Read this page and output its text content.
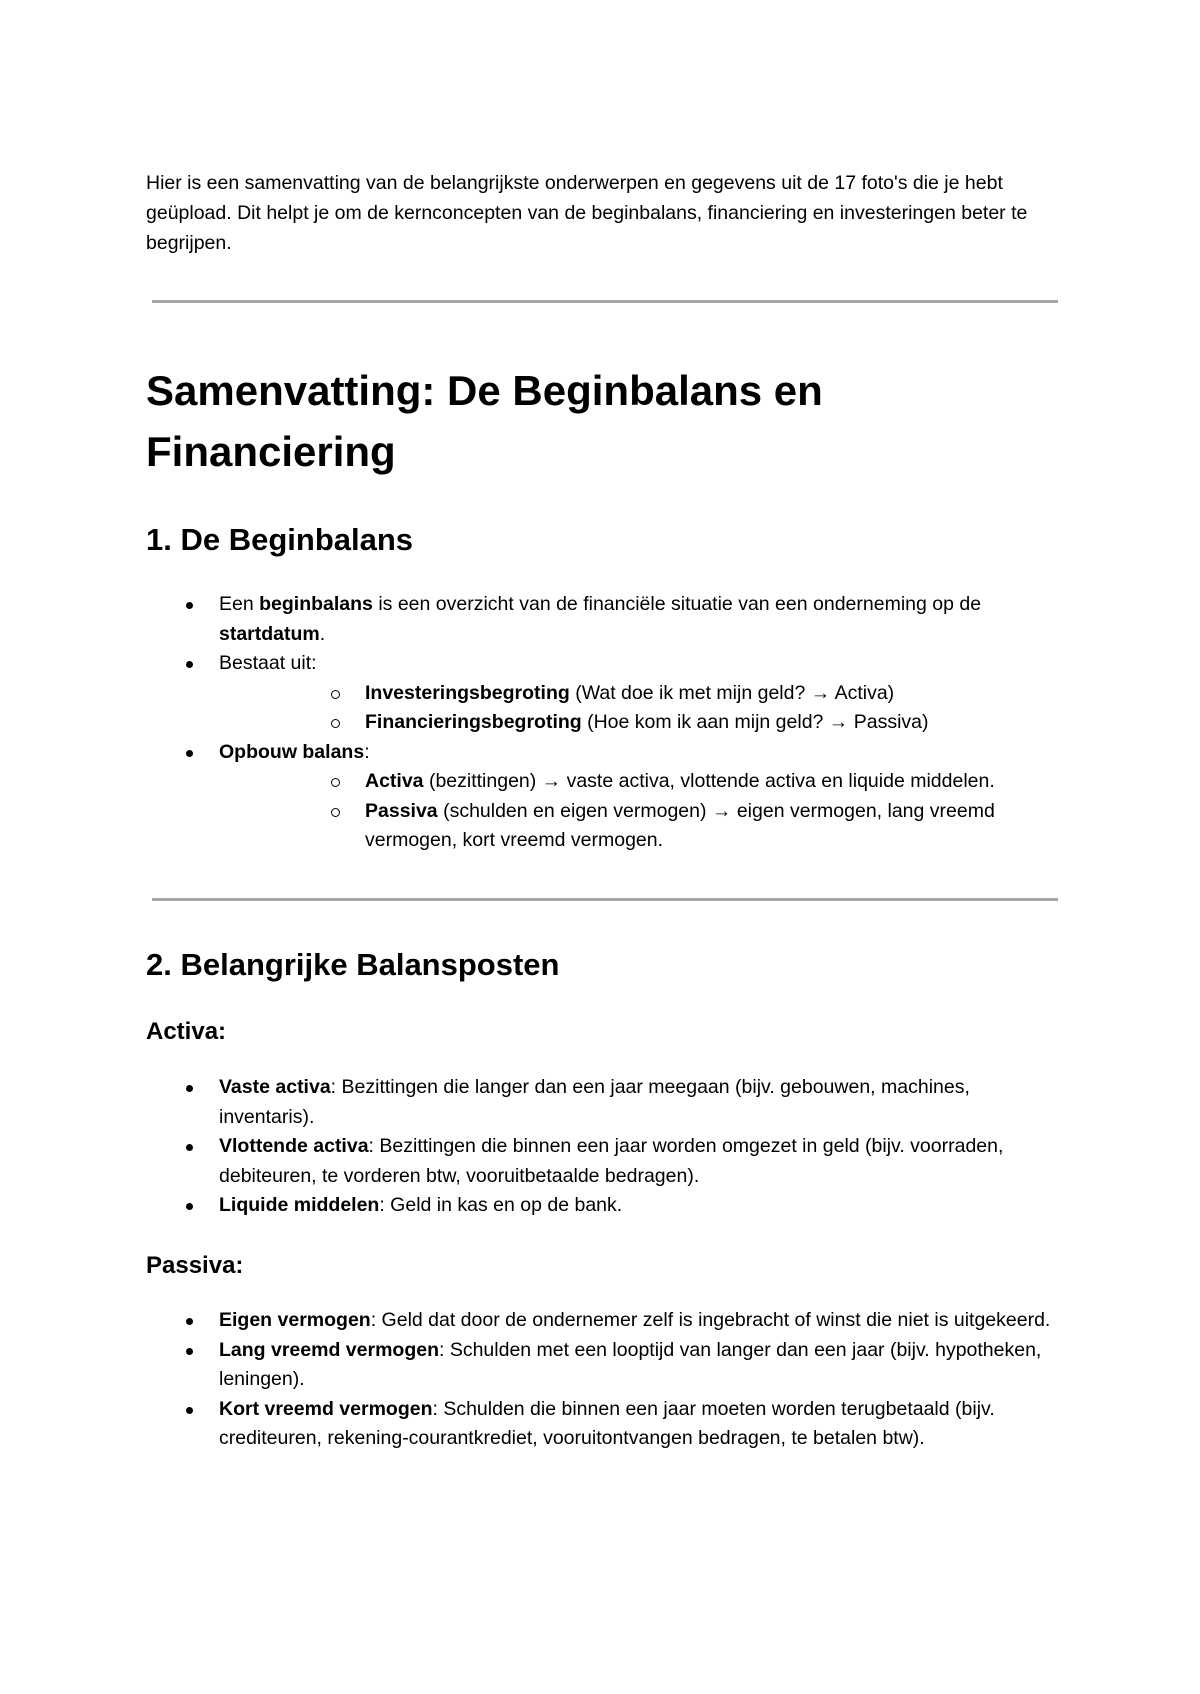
Hier is een samenvatting van de belangrijkste onderwerpen en gegevens uit de 17 foto's die je hebt geüpload. Dit helpt je om de kernconcepten van de beginbalans, financiering en investeringen beter te begrijpen.

Samenvatting: De Beginbalans en Financiering
1. De Beginbalans
Een beginbalans is een overzicht van de financiële situatie van een onderneming op de startdatum.
Bestaat uit:
Investeringsbegroting (Wat doe ik met mijn geld? → Activa)
Financieringsbegroting (Hoe kom ik aan mijn geld? → Passiva)
Opbouw balans:
Activa (bezittingen) → vaste activa, vlottende activa en liquide middelen.
Passiva (schulden en eigen vermogen) → eigen vermogen, lang vreemd vermogen, kort vreemd vermogen.
2. Belangrijke Balansposten
Activa:
Vaste activa: Bezittingen die langer dan een jaar meegaan (bijv. gebouwen, machines, inventaris).
Vlottende activa: Bezittingen die binnen een jaar worden omgezet in geld (bijv. voorraden, debiteuren, te vorderen btw, vooruitbetaalde bedragen).
Liquide middelen: Geld in kas en op de bank.
Passiva:
Eigen vermogen: Geld dat door de ondernemer zelf is ingebracht of winst die niet is uitgekeerd.
Lang vreemd vermogen: Schulden met een looptijd van langer dan een jaar (bijv. hypotheken, leningen).
Kort vreemd vermogen: Schulden die binnen een jaar moeten worden terugbetaald (bijv. crediteuren, rekening-courantkrediet, vooruitontvangen bedragen, te betalen btw).
